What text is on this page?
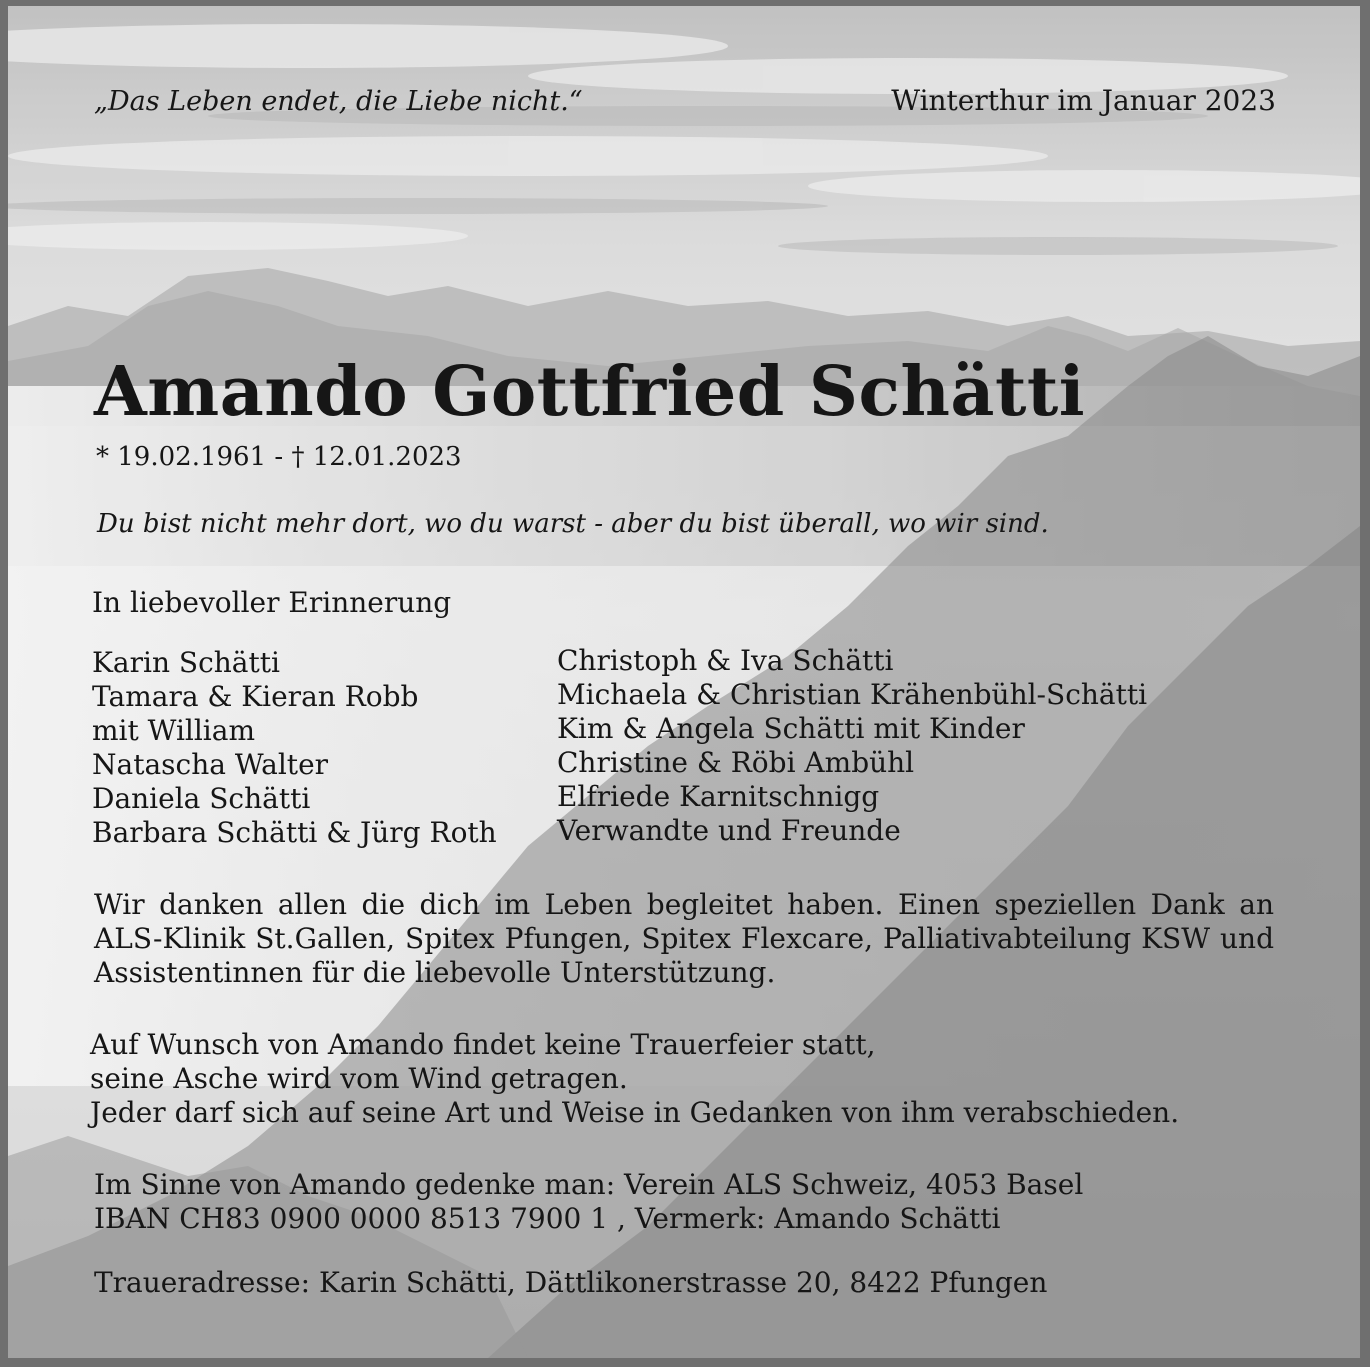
„Das Leben endet, die Liebe nicht.“	Winterthur im Januar 2023
Amando Gottfried Schätti
* 19.02.1961 - † 12.01.2023
Du bist nicht mehr dort, wo du warst - aber du bist überall, wo wir sind.
In liebevoller Erinnerung
Karin Schätti
Tamara & Kieran Robb
mit William
Natascha Walter
Daniela Schätti
Barbara Schätti & Jürg Roth
Christoph & Iva Schätti
Michaela & Christian Krähenbühl-Schätti
Kim & Angela Schätti mit Kinder
Christine & Röbi Ambühl
Elfriede Karnitschnigg
Verwandte und Freunde
Wir danken allen die dich im Leben begleitet haben. Einen speziellen Dank an ALS-Klinik St.Gallen, Spitex Pfungen, Spitex Flexcare, Palliativabteilung KSW und Assistentinnen für die liebevolle Unterstützung.
Auf Wunsch von Amando findet keine Trauerfeier statt,
seine Asche wird vom Wind getragen.
Jeder darf sich auf seine Art und Weise in Gedanken von ihm verabschieden.
Im Sinne von Amando gedenke man: Verein ALS Schweiz, 4053 Basel
IBAN CH83 0900 0000 8513 7900 1 , Vermerk: Amando Schätti
Traueradresse: Karin Schätti, Dättlikonerstrasse 20, 8422 Pfungen
